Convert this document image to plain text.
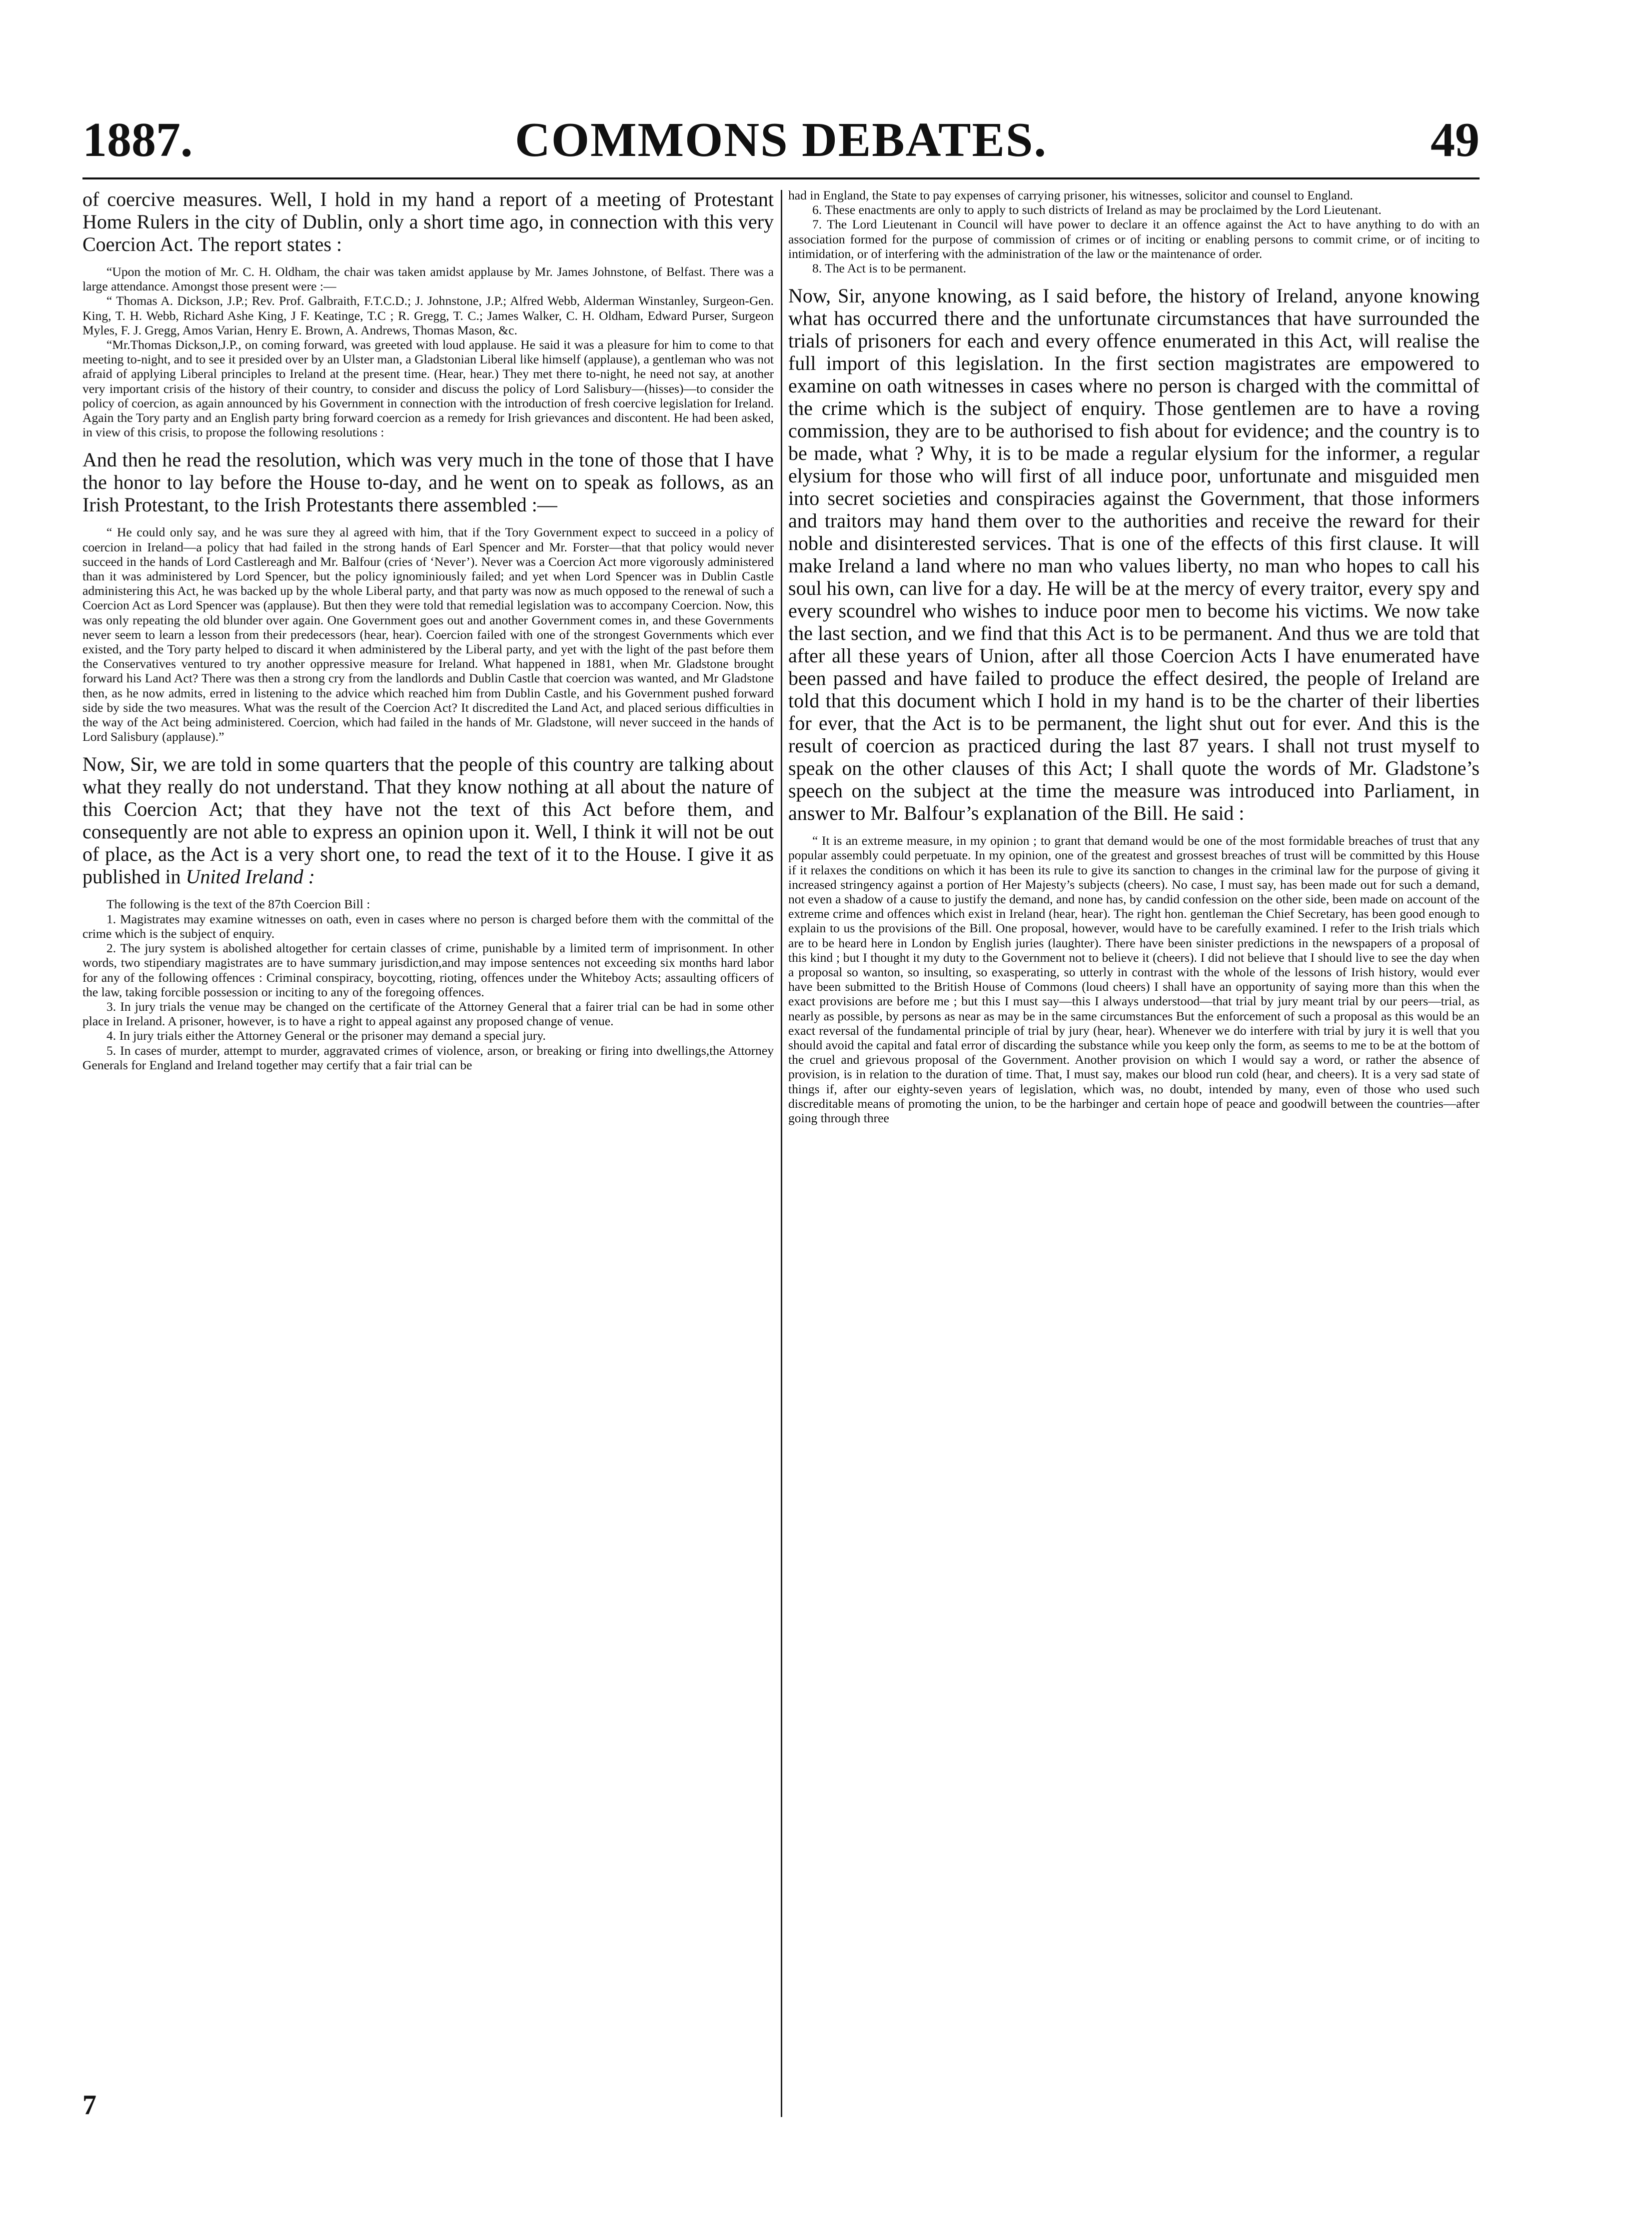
COMMONS DEBATES.
1887.	49

of coercive measures. Well, I hold in my hand a report of a meeting of Protestant Home Rulers in the city of Dublin, only a short time ago, in connection with this very Coercion Act. The report states :

“Upon the motion of Mr. C. H. Oldham, the chair was taken amidst applause by Mr. James Johnstone, of Belfast. There was a large attendance. Amongst those present were :—

“ Thomas A. Dickson, J.P.; Rev. Prof. Galbraith, F.T.C.D.; J. Johnstone, J.P.; Alfred Webb, Alderman Winstanley, Surgeon-Gen. King, T. H. Webb, Richard Ashe King, J F. Keatinge, T.C ; R. Gregg, T. C.; James Walker, C. H. Oldham, Edward Purser, Surgeon Myles, F. J. Gregg, Amos Varian, Henry E. Brown, A. Andrews, Thomas Mason, &c.

“Mr.Thomas Dickson,J.P., on coming forward, was greeted with loud applause. He said it was a pleasure for him to come to that meeting to-night, and to see it presided over by an Ulster man, a Gladstonian Liberal like himself (applause), a gentleman who was not afraid of applying Liberal principles to Ireland at the present time. (Hear, hear.) They met there to-night, he need not say, at another very important crisis of the history of their country, to consider and discuss the policy of Lord Salisbury—(hisses)—to consider the policy of coercion, as again announced by his Government in connection with the introduction of fresh coercive legislation for Ireland. Again the Tory party and an English party bring forward coercion as a remedy for Irish grievances and discontent. He had been asked, in view of this crisis, to propose the following resolutions :

And then he read the resolution, which was very much in the tone of those that I have the honor to lay before the House to-day, and he went on to speak as follows, as an Irish Protestant, to the Irish Protestants there assembled :—

“ He could only say, and he was sure they al agreed with him, that if the Tory Government expect to succeed in a policy of coercion in Ireland—a policy that had failed in the strong hands of Earl Spencer and Mr. Forster—that that policy would never succeed in the hands of Lord Castlereagh and Mr. Balfour (cries of ‘Never’). Never was a Coercion Act more vigorously administered than it was administered by Lord Spencer, but the policy ignominiously failed; and yet when Lord Spencer was in Dublin Castle administering this Act, he was backed up by the whole Liberal party, and that party was now as much opposed to the renewal of such a Coercion Act as Lord Spencer was (applause). But then they were told that remedial legislation was to accompany Coercion. Now, this was only repeating the old blunder over again. One Government goes out and another Government comes in, and these Governments never seem to learn a lesson from their predecessors (hear, hear). Coercion failed with one of the strongest Governments which ever existed, and the Tory party helped to discard it when administered by the Liberal party, and yet with the light of the past before them the Conservatives ventured to try another oppressive measure for Ireland. What happened in 1881, when Mr. Gladstone brought forward his Land Act? There was then a strong cry from the landlords and Dublin Castle that coercion was wanted, and Mr Gladstone then, as he now admits, erred in listening to the advice which reached him from Dublin Castle, and his Government pushed forward side by side the two measures. What was the result of the Coercion Act? It discredited the Land Act, and placed serious difficulties in the way of the Act being administered. Coercion, which had failed in the hands of Mr. Gladstone, will never succeed in the hands of Lord Salisbury (applause).”

Now, Sir, we are told in some quarters that the people of this country are talking about what they really do not understand. That they know nothing at all about the nature of this Coercion Act; that they have not the text of this Act before them, and consequently are not able to express an opinion upon it. Well, I think it will not be out of place, as the Act is a very short one, to read the text of it to the House. I give it as published in United Ireland :

The following is the text of the 87th Coercion Bill :

1. Magistrates may examine witnesses on oath, even in cases where no person is charged before them with the committal of the crime which is the subject of enquiry.

2. The jury system is abolished altogether for certain classes of crime, punishable by a limited term of imprisonment. In other words, two stipendiary magistrates are to have summary jurisdiction,and may impose sentences not exceeding six months hard labor for any of the following offences : Criminal conspiracy, boycotting, rioting, offences under the Whiteboy Acts; assaulting officers of the law, taking forcible possession or inciting to any of the foregoing offences.

3. In jury trials the venue may be changed on the certificate of the Attorney General that a fairer trial can be had in some other place in Ireland. A prisoner, however, is to have a right to appeal against any proposed change of venue.

4. In jury trials either the Attorney General or the prisoner may demand a special jury.

5. In cases of murder, attempt to murder, aggravated crimes of violence, arson, or breaking or firing into dwellings,the Attorney Generals for England and Ireland together may certify that a fair trial can be

7

had in England, the State to pay expenses of carrying prisoner, his witnesses, solicitor and counsel to England.

6. These enactments are only to apply to such districts of Ireland as may be proclaimed by the Lord Lieutenant.

7. The Lord Lieutenant in Council will have power to declare it an offence against the Act to have anything to do with an association formed for the purpose of commission of crimes or of inciting or enabling persons to commit crime, or of inciting to intimidation, or of interfering with the administration of the law or the maintenance of order.

8. The Act is to be permanent.

Now, Sir, anyone knowing, as I said before, the history of Ireland, anyone knowing what has occurred there and the unfortunate circumstances that have surrounded the trials of prisoners for each and every offence enumerated in this Act, will realise the full import of this legislation. In the first section magistrates are empowered to examine on oath witnesses in cases where no person is charged with the committal of the crime which is the subject of enquiry. Those gentlemen are to have a roving commission, they are to be authorised to fish about for evidence; and the country is to be made, what ? Why, it is to be made a regular elysium for the informer, a regular elysium for those who will first of all induce poor, unfortunate and misguided men into secret societies and conspiracies against the Government, that those informers and traitors may hand them over to the authorities and receive the reward for their noble and disinterested services. That is one of the effects of this first clause. It will make Ireland a land where no man who values liberty, no man who hopes to call his soul his own, can live for a day. He will be at the mercy of every traitor, every spy and every scoundrel who wishes to induce poor men to become his victims. We now take the last section, and we find that this Act is to be permanent. And thus we are told that after all these years of Union, after all those Coercion Acts I have enumerated have been passed and have failed to produce the effect desired, the people of Ireland are told that this document which I hold in my hand is to be the charter of their liberties for ever, that the Act is to be permanent, the light shut out for ever. And this is the result of coercion as practiced during the last 87 years. I shall not trust myself to speak on the other clauses of this Act; I shall quote the words of Mr. Gladstone’s speech on the subject at the time the measure was introduced into Parliament, in answer to Mr. Balfour’s explanation of the Bill. He said :

“ It is an extreme measure, in my opinion ; to grant that demand would be one of the most formidable breaches of trust that any popular assembly could perpetuate. In my opinion, one of the greatest and grossest breaches of trust will be committed by this House if it relaxes the conditions on which it has been its rule to give its sanction to changes in the criminal law for the purpose of giving it increased stringency against a portion of Her Majesty’s subjects (cheers). No case, I must say, has been made out for such a demand, not even a shadow of a cause to justify the demand, and none has, by candid confession on the other side, been made on account of the extreme crime and offences which exist in Ireland (hear, hear). The right hon. gentleman the Chief Secretary, has been good enough to explain to us the provisions of the Bill. One proposal, however, would have to be carefully examined. I refer to the Irish trials which are to be heard here in London by English juries (laughter). There have been sinister predictions in the newspapers of a proposal of this kind ; but I thought it my duty to the Government not to believe it (cheers). I did not believe that I should live to see the day when a proposal so wanton, so insulting, so exasperating, so utterly in contrast with the whole of the lessons of Irish history, would ever have been submitted to the British House of Commons (loud cheers) I shall have an opportunity of saying more than this when the exact provisions are before me ; but this I must say—this I always understood—that trial by jury meant trial by our peers—trial, as nearly as possible, by persons as near as may be in the same circumstances But the enforcement of such a proposal as this would be an exact reversal of the fundamental principle of trial by jury (hear, hear). Whenever we do interfere with trial by jury it is well that you should avoid the capital and fatal error of discarding the substance while you keep only the form, as seems to me to be at the bottom of the cruel and grievous proposal of the Government. Another provision on which I would say a word, or rather the absence of provision, is in relation to the duration of time. That, I must say, makes our blood run cold (hear, and cheers). It is a very sad state of things if, after our eighty-seven years of legislation, which was, no doubt, intended by many, even of those who used such discreditable means of promoting the union, to be the harbinger and certain hope of peace and goodwill between the countries—after going through three
